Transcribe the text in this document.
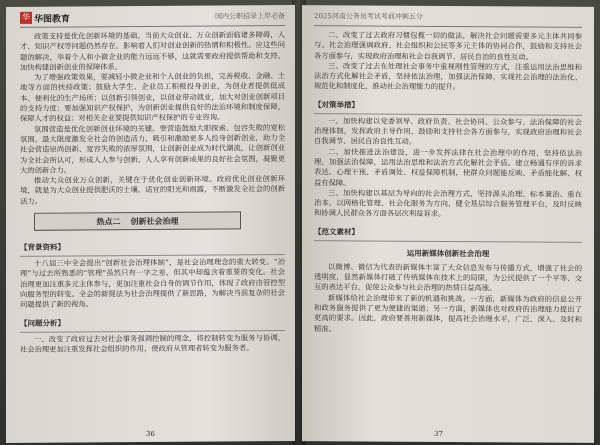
华 华图教育	国内公职招录上岸必备

政策支持是优化创新环境的基础。当前大众创业、万众创新面临诸多障碍，人才、知识产权等问题仍然存在，影响着人们对创业创新的热情和积极性。应这些问题的解决，举着个人和小微企业的能力远远不够，这就需要政府提供帮助和支持，加快构建创新创业的保障体系。

为了增强政策效果，要减轻小微企业和个人创业的负担，完善税收、金融、土地等方面的扶持政策；鼓励大学生、企业员工积极投身创业，为创业者提供低成本、便利化的生产场所；以创新引领创业，以创业带动就业，加大对创业创新项目的支持力度；要加强知识产权保护，为创新创业提供良好的法治环境和制度保障，保障人才的权益；对相关企业要提供知识产权保护的专业咨询。

氛围营造是优化创新创业环境的关键。要营造鼓励大胆探索、包容失败的宽松氛围，最大限度激发全社会的创造活力，吸引和激励更多人投身创新创业，助力全社会营造崇尚创新、宽容失败的浓厚氛围，让创新创业成为时代潮流，让创新创业为全社会所认可，形成人人参与创新、人人享有创新成果的良好社会氛围，凝聚更大的创新合力。

推动大众创业万众创新，关键在于优化创业创新环境。政府优化创业创新环境，就是为大众创业提供肥沃的土壤、适宜的阳光和雨露，不断激发全社会的创新活力。

热点二 创新社会治理
【背景资料】

十八届三中全会提出“创新社会治理体制”，是社会治理理念的重大转变。“治理”与过去所熟悉的“管理”虽然只有一字之差，但其中却蕴含着重要的变化。社会治理更加注重多元主体参与，更加注重社会自身的调节作用，体现了政府由管控型向服务型的转变。全会的新提法为社会治理提供了新思路，为解决当前复杂的社会问题提供了新的视角。

【问题分析】

一、改变了政府过去对社会事务强调控制的理念，将控制转变为服务与协调，社会治理更加注重发挥社会组织的作用，使政府从管理者转变为服务者。

36
2025河南公务员考试考前冲刺五分

二、改变了过去政府习惯包揽一切的做法，解决社会问题需要多元主体共同参与。社会治理强调政府、社会组织和公民等多元主体的协同合作，鼓励和支持社会各方面参与，实现政府治理和社会自我调节、居民自治的良性互动。

三、改变了过去在处理社会事务中重视刚性管理的方式，注重运用法治思维和法治方式化解社会矛盾，坚持依法治理，加强法治保障，实现社会治理的法治化、规范化和制度化，推动社会治理能力的提升。

【对策举措】

一、加快构建以党委领导、政府负责、社会协同、公众参与、法治保障的社会治理体制，发挥政府主导作用，鼓励和支持社会各方面参与，实现政府治理和社会自我调节、居民自治良性互动。

二、加快推进法治建设，进一步发挥法律在社会治理中的作用，坚持依法治理，加强法治保障，运用法治思维和法治方式化解社会矛盾。建立畅通有序的诉求表达、心理干预、矛盾调处、权益保障机制，使群众问题能反映、矛盾能化解、权益有保障。

三、加快构建以基层为导向的社会治理方式，坚持源头治理、标本兼治、重在治本，以网格化管理、社会化服务为方向，健全基层综合服务管理平台，及时反映和协调人民群众各方面各层次利益诉求。

【范文素材】
运用新媒体创新社会治理

以微博、微信为代表的新媒体丰富了大众信息发布与传播方式，增强了社会的透明度，显然新媒体打破了传统媒体在技术上的局限，为公民提供了一个平等、交互的表达平台，促使公众参与社会治理的热情日益高涨。

新媒体给社会治理带来了新的机遇和挑战。一方面，新媒体为政府的信息公开和政务服务提供了更为便捷的渠道；另一方面，新媒体也对政府的治理能力提出了更高的要求。因此，政府要善用新媒体，提高社会治理水平，广泛、深入、及时和精准。

37
